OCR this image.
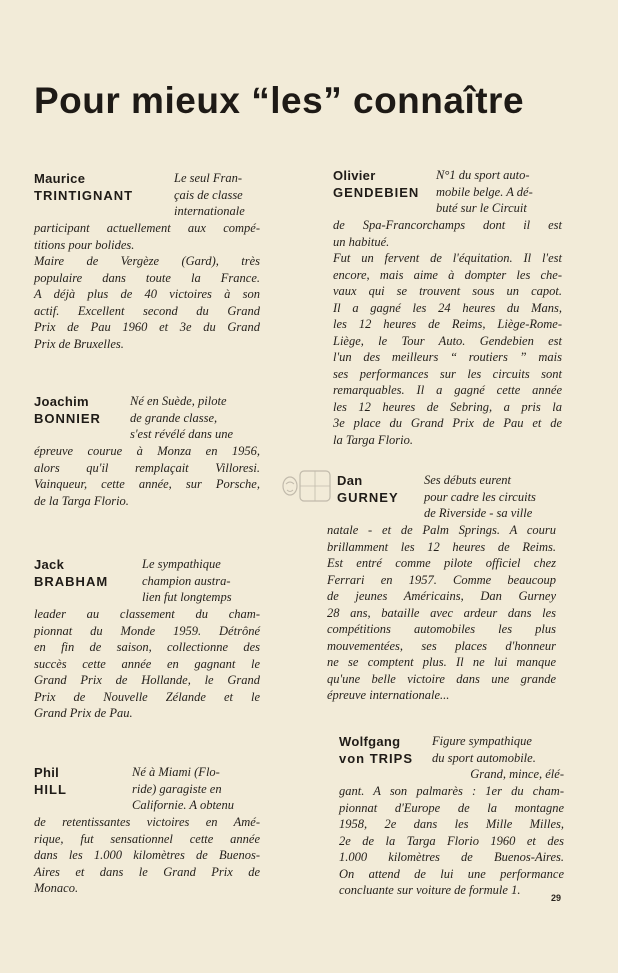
Pour mieux “les” connaître
Maurice
TRINTIGNANT
Le seul Fran-
çais de classe
internationale
participant actuellement aux compé-
titions pour bolides.
Maire de Vergèze (Gard), très
populaire dans toute la France.
A déjà plus de 40 victoires à son
actif. Excellent second du Grand
Prix de Pau 1960 et 3e du Grand
Prix de Bruxelles.
Joachim
BONNIER
Né en Suède, pilote
de grande classe,
s'est révélé dans une
épreuve courue à Monza en 1956,
alors qu'il remplaçait Villoresi.
Vainqueur, cette année, sur Porsche,
de la Targa Florio.
Jack
BRABHAM
Le sympathique
champion austra-
lien fut longtemps
leader au classement du cham-
pionnat du Monde 1959. Détrôné
en fin de saison, collectionne des
succès cette année en gagnant le
Grand Prix de Hollande, le Grand
Prix de Nouvelle Zélande et le
Grand Prix de Pau.
Phil
HILL
Né à Miami (Flo-
ride) garagiste en
Californie. A obtenu
de retentissantes victoires en Amé-
rique, fut sensationnel cette année
dans les 1.000 kilomètres de Buenos-
Aires et dans le Grand Prix de
Monaco.
Olivier
GENDEBIEN
N°1 du sport auto-
mobile belge. A dé-
buté sur le Circuit
de Spa-Francorchamps dont il est
un habitué.
Fut un fervent de l'équitation. Il l'est
encore, mais aime à dompter les che-
vaux qui se trouvent sous un capot.
Il a gagné les 24 heures du Mans,
les 12 heures de Reims, Liège-Rome-
Liège, le Tour Auto. Gendebien est
l'un des meilleurs “ routiers ” mais
ses performances sur les circuits sont
remarquables. Il a gagné cette année
les 12 heures de Sebring, a pris la
3e place du Grand Prix de Pau et de
la Targa Florio.
Dan
GURNEY
Ses débuts eurent
pour cadre les circuits
de Riverside - sa ville
natale - et de Palm Springs. A couru
brillamment les 12 heures de Reims.
Est entré comme pilote officiel chez
Ferrari en 1957. Comme beaucoup
de jeunes Américains, Dan Gurney
28 ans, bataille avec ardeur dans les
compétitions automobiles les plus
mouvementées, ses places d'honneur
ne se comptent plus. Il ne lui manque
qu'une belle victoire dans une grande
épreuve internationale...
Wolfgang
von TRIPS
Figure sympathique
du sport automobile.
Grand, mince, élé-
gant. A son palmarès : 1er du cham-
pionnat d'Europe de la montagne
1958, 2e dans les Mille Milles,
2e de la Targa Florio 1960 et des
1.000 kilomètres de Buenos-Aires.
On attend de lui une performance
concluante sur voiture de formule 1.
29
